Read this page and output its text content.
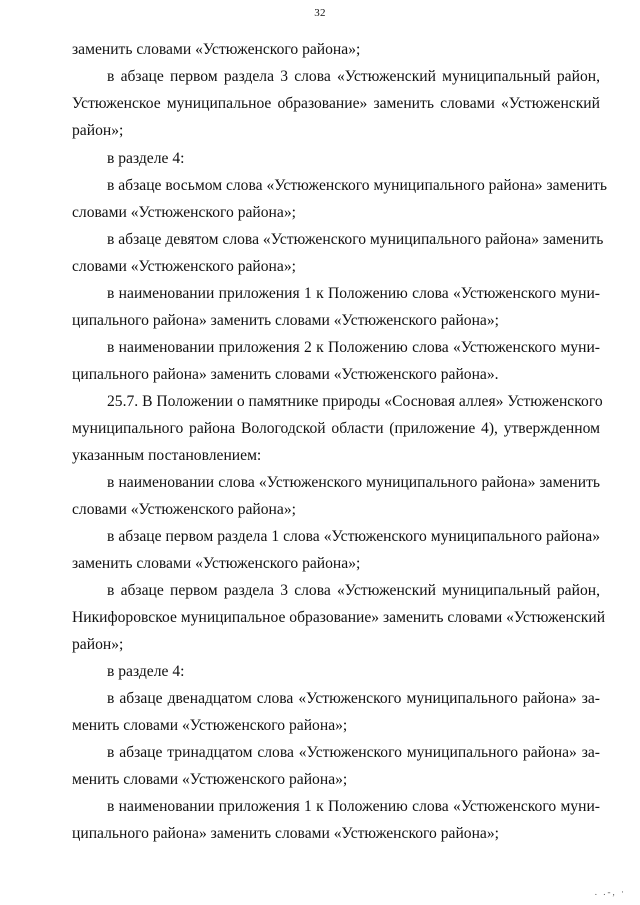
32
заменить словами «Устюженского района»;
в абзаце первом раздела 3 слова «Устюженский муниципальный район,
Устюженское муниципальное образование» заменить словами «Устюженский
район»;
в разделе 4:
в абзаце восьмом слова «Устюженского муниципального района» заменить
словами «Устюженского района»;
в абзаце девятом слова «Устюженского муниципального района» заменить
словами «Устюженского района»;
в наименовании приложения 1 к Положению слова «Устюженского муни-
ципального района» заменить словами «Устюженского района»;
в наименовании приложения 2 к Положению слова «Устюженского муни-
ципального района» заменить словами «Устюженского района».
25.7. В Положении о памятнике природы «Сосновая аллея» Устюженского
муниципального района Вологодской области (приложение 4), утвержденном
указанным постановлением:
в наименовании слова «Устюженского муниципального района» заменить
словами «Устюженского района»;
в абзаце первом раздела 1 слова «Устюженского муниципального района»
заменить словами «Устюженского района»;
в абзаце первом раздела 3 слова «Устюженский муниципальный район,
Никифоровское муниципальное образование» заменить словами «Устюженский
район»;
в разделе 4:
в абзаце двенадцатом слова «Устюженского муниципального района» за-
менить словами «Устюженского района»;
в абзаце тринадцатом слова «Устюженского муниципального района» за-
менить словами «Устюженского района»;
в наименовании приложения 1 к Положению слова «Устюженского муни-
ципального района» заменить словами «Устюженского района»;
. .-, ·
